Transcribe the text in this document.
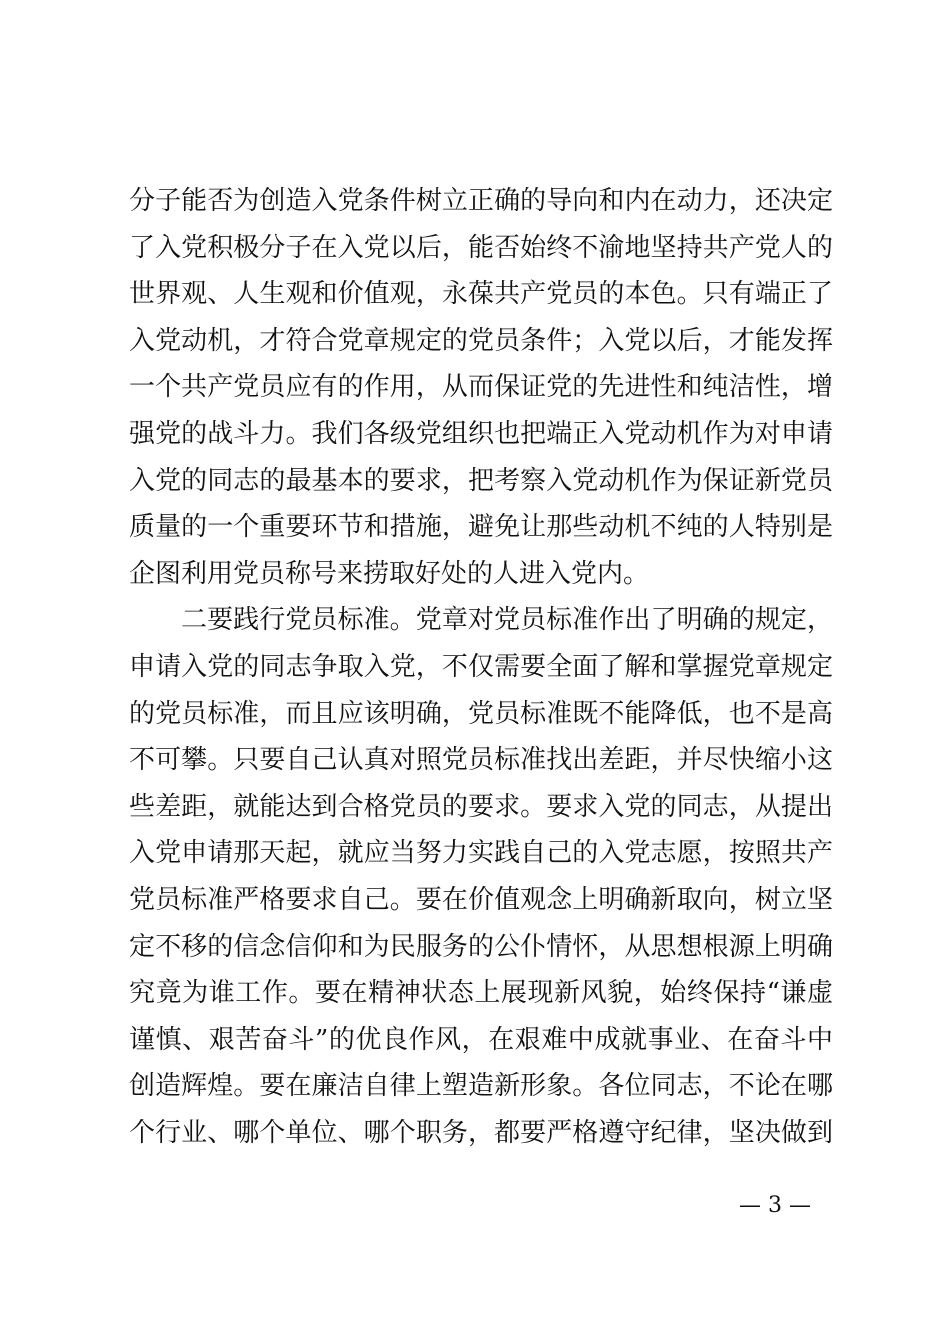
分子能否为创造入党条件树立正确的导向和内在动力，还决定
了入党积极分子在入党以后，能否始终不渝地坚持共产党人的
世界观、人生观和价值观，永葆共产党员的本色。只有端正了
入党动机，才符合党章规定的党员条件；入党以后，才能发挥
一个共产党员应有的作用，从而保证党的先进性和纯洁性，增
强党的战斗力。我们各级党组织也把端正入党动机作为对申请
入党的同志的最基本的要求，把考察入党动机作为保证新党员
质量的一个重要环节和措施，避免让那些动机不纯的人特别是
企图利用党员称号来捞取好处的人进入党内。
二要践行党员标准。党章对党员标准作出了明确的规定，
申请入党的同志争取入党，不仅需要全面了解和掌握党章规定
的党员标准，而且应该明确，党员标准既不能降低，也不是高
不可攀。只要自己认真对照党员标准找出差距，并尽快缩小这
些差距，就能达到合格党员的要求。要求入党的同志，从提出
入党申请那天起，就应当努力实践自己的入党志愿，按照共产
党员标准严格要求自己。要在价值观念上明确新取向，树立坚
定不移的信念信仰和为民服务的公仆情怀，从思想根源上明确
究竟为谁工作。要在精神状态上展现新风貌，始终保持“谦虚
谨慎、艰苦奋斗”的优良作风，在艰难中成就事业、在奋斗中
创造辉煌。要在廉洁自律上塑造新形象。各位同志，不论在哪
个行业、哪个单位、哪个职务，都要严格遵守纪律，坚决做到
— 3 —
